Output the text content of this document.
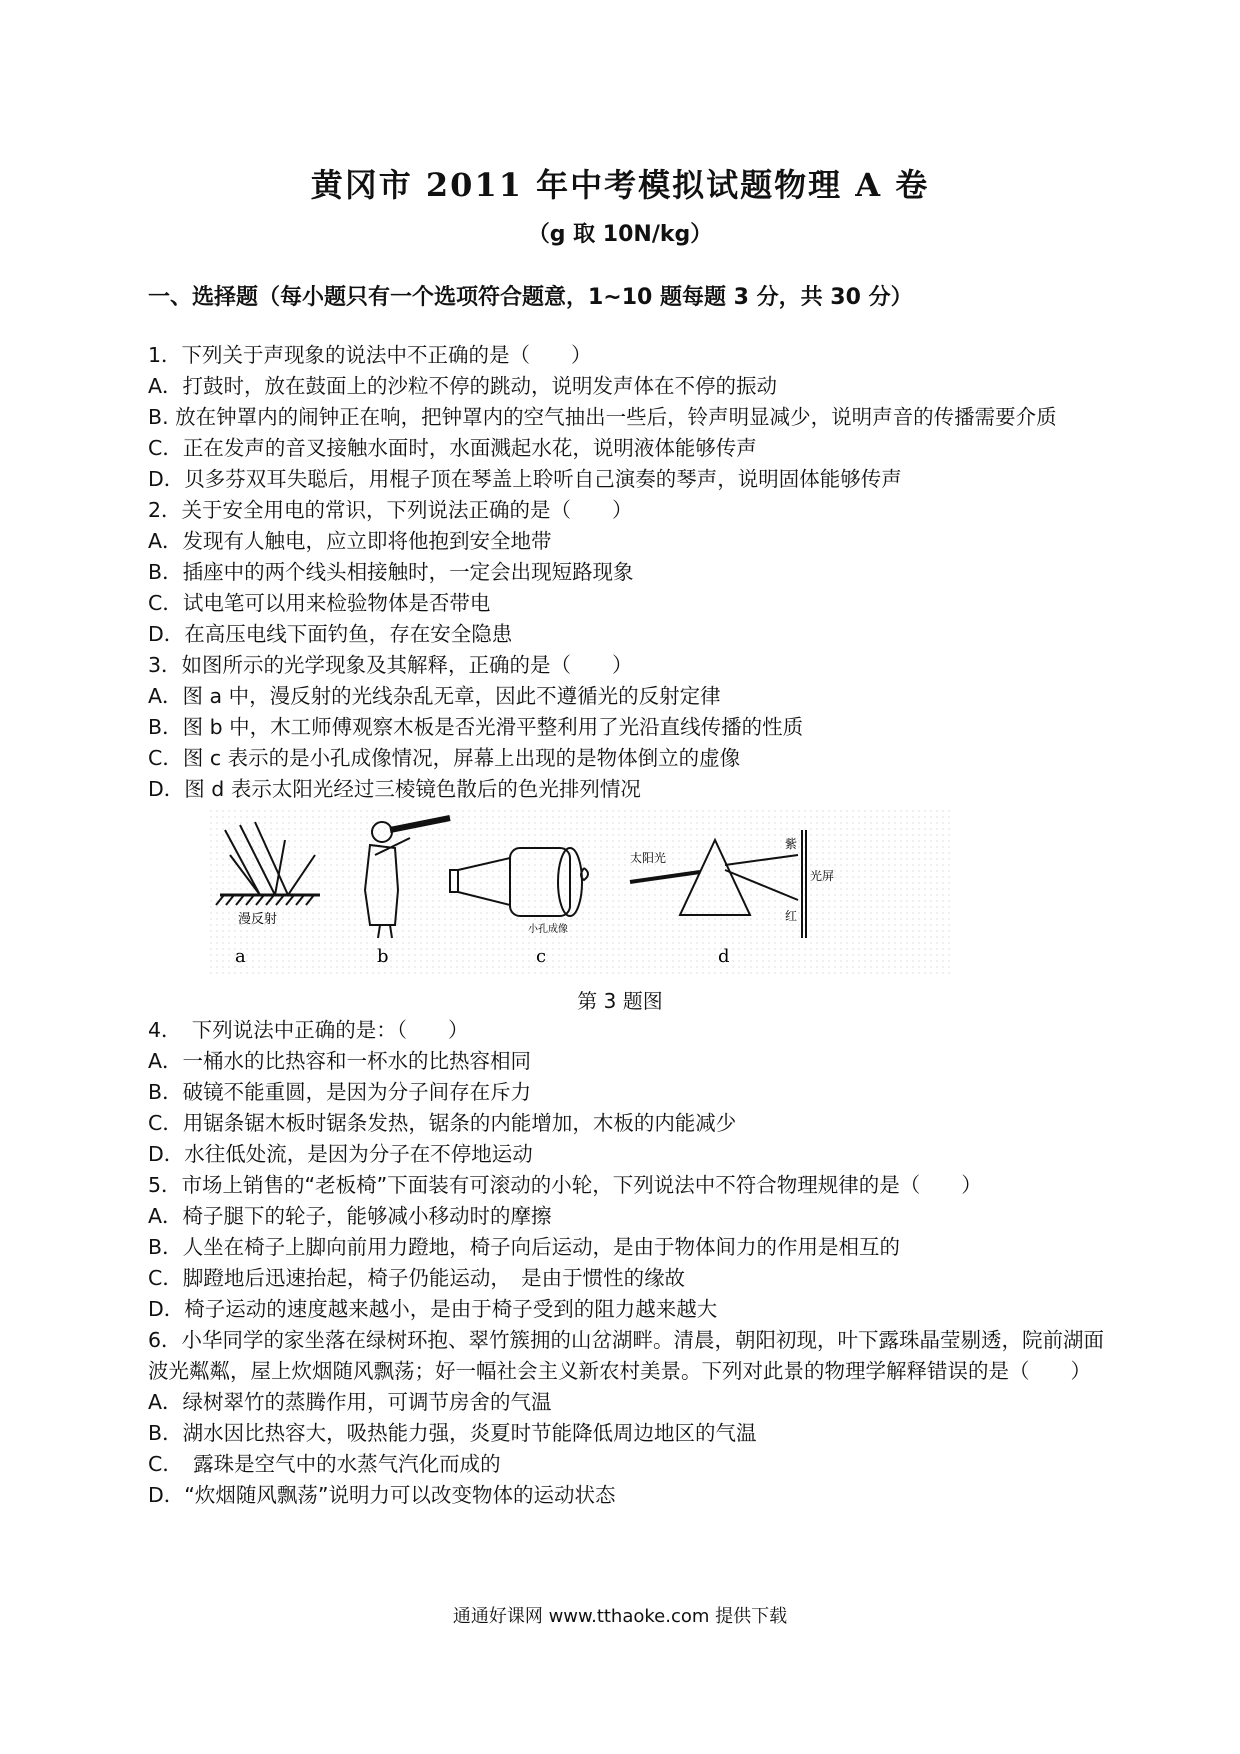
黄冈市 2011 年中考模拟试题物理 A 卷
（g 取 10N/kg）
一、选择题（每小题只有一个选项符合题意，1~10 题每题 3 分，共 30 分）

1．下列关于声现象的说法中不正确的是（　　）

A．打鼓时，放在鼓面上的沙粒不停的跳动，说明发声体在不停的振动

B. 放在钟罩内的闹钟正在响，把钟罩内的空气抽出一些后，铃声明显减少，说明声音的传播需要介质

C．正在发声的音叉接触水面时，水面溅起水花，说明液体能够传声

D．贝多芬双耳失聪后，用棍子顶在琴盖上聆听自己演奏的琴声，说明固体能够传声

2．关于安全用电的常识，下列说法正确的是（　　）

A．发现有人触电，应立即将他抱到安全地带

B．插座中的两个线头相接触时，一定会出现短路现象

C．试电笔可以用来检验物体是否带电

D．在高压电线下面钓鱼，存在安全隐患

3．如图所示的光学现象及其解释，正确的是（　　）

A．图 a 中，漫反射的光线杂乱无章，因此不遵循光的反射定律

B．图 b 中，木工师傅观察木板是否光滑平整利用了光沿直线传播的性质

C．图 c 表示的是小孔成像情况，屏幕上出现的是物体倒立的虚像

D．图 d 表示太阳光经过三棱镜色散后的色光排列情况

漫反射
a	b
小孔成像
c
太阳光
紫
红
光屏
d
第 3 题图

4．　下列说法中正确的是：（　　）

A．一桶水的比热容和一杯水的比热容相同

B．破镜不能重圆，是因为分子间存在斥力

C．用锯条锯木板时锯条发热，锯条的内能增加，木板的内能减少

D．水往低处流，是因为分子在不停地运动

5．市场上销售的“老板椅”下面装有可滚动的小轮，下列说法中不符合物理规律的是（　　）

A．椅子腿下的轮子，能够减小移动时的摩擦

B．人坐在椅子上脚向前用力蹬地，椅子向后运动，是由于物体间力的作用是相互的

C．脚蹬地后迅速抬起，椅子仍能运动，　是由于惯性的缘故

D．椅子运动的速度越来越小，是由于椅子受到的阻力越来越大

6．小华同学的家坐落在绿树环抱、翠竹簇拥的山岔湖畔。清晨，朝阳初现，叶下露珠晶莹剔透，院前湖面波光粼粼，屋上炊烟随风飘荡；好一幅社会主义新农村美景。下列对此景的物理学解释错误的是（　　）

A．绿树翠竹的蒸腾作用，可调节房舍的气温

B．湖水因比热容大，吸热能力强，炎夏时节能降低周边地区的气温

C．　露珠是空气中的水蒸气汽化而成的

D．“炊烟随风飘荡”说明力可以改变物体的运动状态

通通好课网 www.tthaoke.com 提供下载
